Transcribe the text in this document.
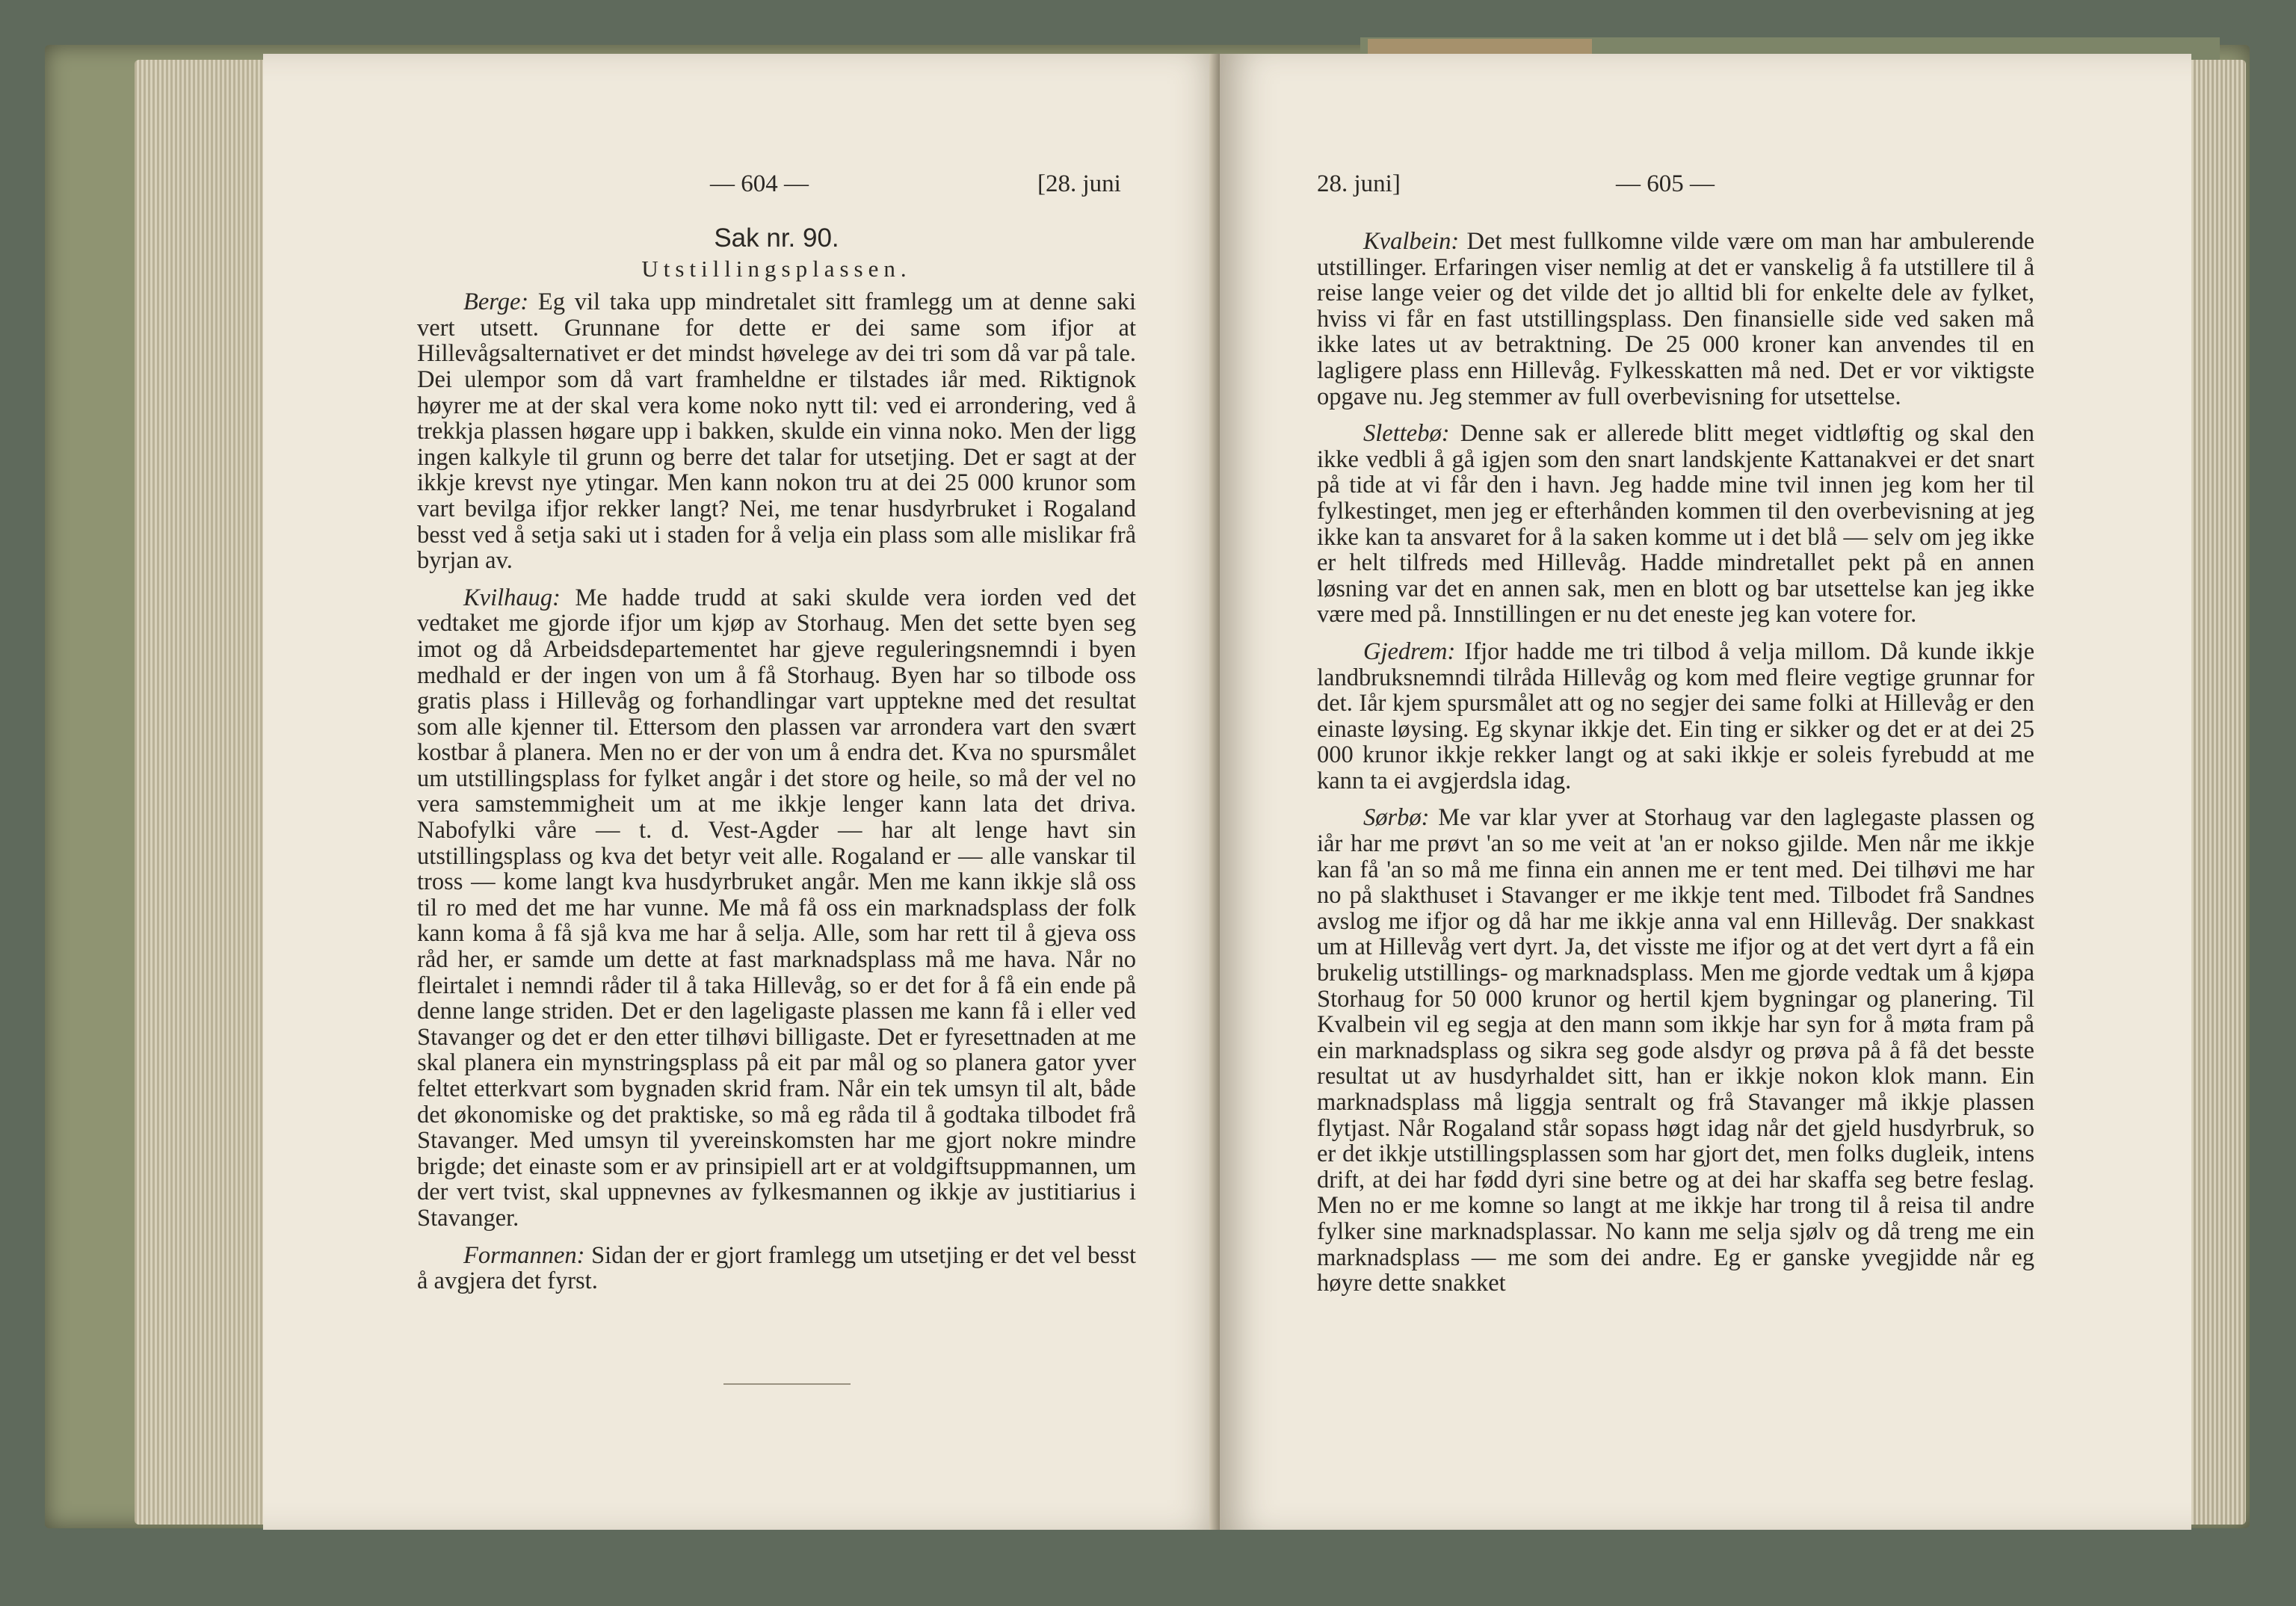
— 604 —	[28. juni
Sak nr. 90.
Utstillingsplassen.

Berge: Eg vil taka upp mindretalet sitt framlegg um at denne saki vert utsett. Grunnane for dette er dei same som ifjor at Hillevågsalternativet er det mindst høvelege av dei tri som då var på tale. Dei ulempor som då vart framheldne er tilstades iår med. Riktignok høyrer me at der skal vera kome noko nytt til: ved ei arrondering, ved å trekkja plassen høgare upp i bakken, skulde ein vinna noko. Men der ligg ingen kalkyle til grunn og berre det talar for utsetjing. Det er sagt at der ikkje krevst nye ytingar. Men kann nokon tru at dei 25 000 krunor som vart bevilga ifjor rekker langt? Nei, me tenar husdyrbruket i Rogaland besst ved å setja saki ut i staden for å velja ein plass som alle mislikar frå byrjan av.

Kvilhaug: Me hadde trudd at saki skulde vera iorden ved det vedtaket me gjorde ifjor um kjøp av Storhaug. Men det sette byen seg imot og då Arbeidsdepartementet har gjeve reguleringsnemndi i byen medhald er der ingen von um å få Storhaug. Byen har so tilbode oss gratis plass i Hillevåg og forhandlingar vart upptekne med det resultat som alle kjenner til. Ettersom den plassen var arrondera vart den svært kostbar å planera. Men no er der von um å endra det. Kva no spursmålet um utstillingsplass for fylket angår i det store og heile, so må der vel no vera samstemmigheit um at me ikkje lenger kann lata det driva. Nabofylki våre — t. d. Vest-Agder — har alt lenge havt sin utstillingsplass og kva det betyr veit alle. Rogaland er — alle vanskar til tross — kome langt kva husdyrbruket angår. Men me kann ikkje slå oss til ro med det me har vunne. Me må få oss ein marknadsplass der folk kann koma å få sjå kva me har å selja. Alle, som har rett til å gjeva oss råd her, er samde um dette at fast marknadsplass må me hava. Når no fleirtalet i nemndi råder til å taka Hillevåg, so er det for å få ein ende på denne lange striden. Det er den lageligaste plassen me kann få i eller ved Stavanger og det er den etter tilhøvi billigaste. Det er fyresettnaden at me skal planera ein mynstringsplass på eit par mål og so planera gator yver feltet etterkvart som bygnaden skrid fram. Når ein tek umsyn til alt, både det økonomiske og det praktiske, so må eg råda til å godtaka tilbodet frå Stavanger. Med umsyn til yvereinskomsten har me gjort nokre mindre brigde; det einaste som er av prinsipiell art er at voldgiftsuppmannen, um der vert tvist, skal uppnevnes av fylkesmannen og ikkje av justitiarius i Stavanger.

Formannen: Sidan der er gjort framlegg um utsetjing er det vel besst å avgjera det fyrst.

28. juni]	— 605 —

Kvalbein: Det mest fullkomne vilde være om man har ambulerende utstillinger. Erfaringen viser nemlig at det er vanskelig å fa utstillere til å reise lange veier og det vilde det jo alltid bli for enkelte dele av fylket, hviss vi får en fast utstillingsplass. Den finansielle side ved saken må ikke lates ut av betraktning. De 25 000 kroner kan anvendes til en lagligere plass enn Hillevåg. Fylkesskatten må ned. Det er vor viktigste opgave nu. Jeg stemmer av full overbevisning for utsettelse.

Slettebø: Denne sak er allerede blitt meget vidtløftig og skal den ikke vedbli å gå igjen som den snart landskjente Kattanakvei er det snart på tide at vi får den i havn. Jeg hadde mine tvil innen jeg kom her til fylkestinget, men jeg er efterhånden kommen til den overbevisning at jeg ikke kan ta ansvaret for å la saken komme ut i det blå — selv om jeg ikke er helt tilfreds med Hillevåg. Hadde mindretallet pekt på en annen løsning var det en annen sak, men en blott og bar utsettelse kan jeg ikke være med på. Innstillingen er nu det eneste jeg kan votere for.

Gjedrem: Ifjor hadde me tri tilbod å velja millom. Då kunde ikkje landbruksnemndi tilråda Hillevåg og kom med fleire vegtige grunnar for det. Iår kjem spursmålet att og no segjer dei same folki at Hillevåg er den einaste løysing. Eg skynar ikkje det. Ein ting er sikker og det er at dei 25 000 krunor ikkje rekker langt og at saki ikkje er soleis fyrebudd at me kann ta ei avgjerdsla idag.

Sørbø: Me var klar yver at Storhaug var den laglegaste plassen og iår har me prøvt 'an so me veit at 'an er nokso gjilde. Men når me ikkje kan få 'an so må me finna ein annen me er tent med. Dei tilhøvi me har no på slakthuset i Stavanger er me ikkje tent med. Tilbodet frå Sandnes avslog me ifjor og då har me ikkje anna val enn Hillevåg. Der snakkast um at Hillevåg vert dyrt. Ja, det visste me ifjor og at det vert dyrt a få ein brukelig utstillings- og marknadsplass. Men me gjorde vedtak um å kjøpa Storhaug for 50 000 krunor og hertil kjem bygningar og planering. Til Kvalbein vil eg segja at den mann som ikkje har syn for å møta fram på ein marknadsplass og sikra seg gode alsdyr og prøva på å få det besste resultat ut av husdyrhaldet sitt, han er ikkje nokon klok mann. Ein marknadsplass må liggja sentralt og frå Stavanger må ikkje plassen flytjast. Når Rogaland står sopass høgt idag når det gjeld husdyrbruk, so er det ikkje utstillingsplassen som har gjort det, men folks dugleik, intens drift, at dei har fødd dyri sine betre og at dei har skaffa seg betre feslag. Men no er me komne so langt at me ikkje har trong til å reisa til andre fylker sine marknadsplassar. No kann me selja sjølv og då treng me ein marknadsplass — me som dei andre. Eg er ganske yvegjidde når eg høyre dette snakket
